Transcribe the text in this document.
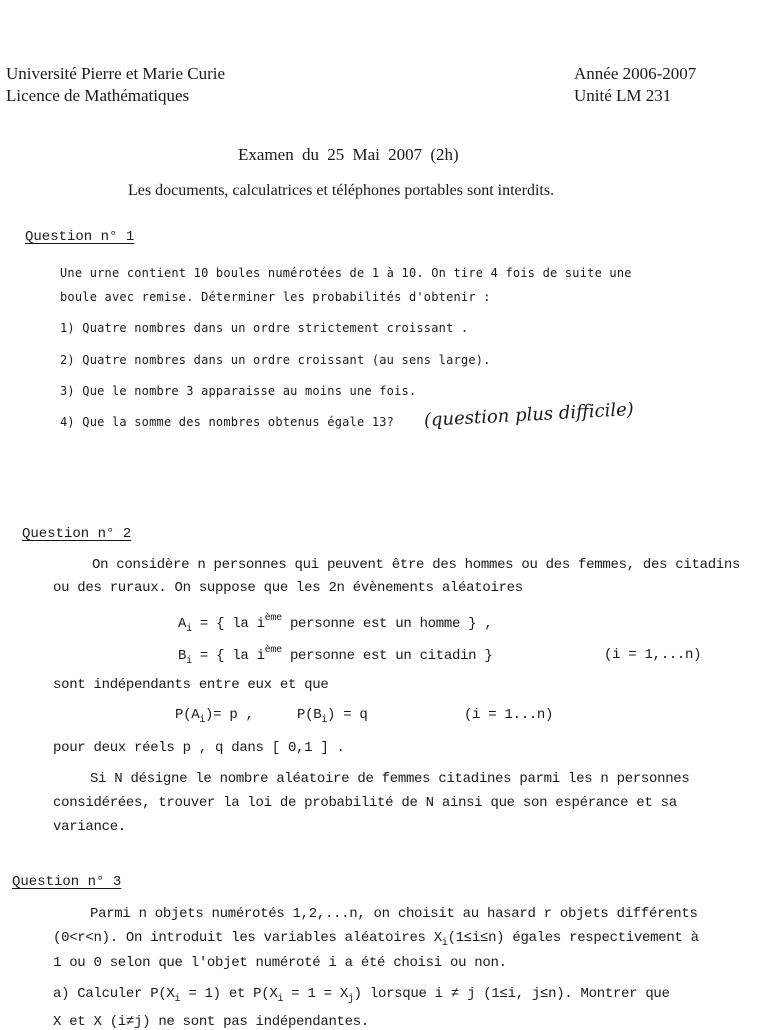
Université Pierre et Marie Curie
Licence de Mathématiques
Année 2006-2007
Unité LM 231
Examen du 25 Mai 2007 (2h)
Les documents, calculatrices et téléphones portables sont interdits.
Question n° 1
Une urne contient 10 boules numérotées de 1 à 10. On tire 4 fois de suite une
boule avec remise. Déterminer les probabilités d'obtenir :
1) Quatre nombres dans un ordre strictement croissant .
2) Quatre nombres dans un ordre croissant (au sens large).
3) Que le nombre 3 apparaisse au moins une fois.
4) Que la somme des nombres obtenus égale 13? (question plus difficile)
Question n° 2
On considère n personnes qui peuvent être des hommes ou des femmes, des citadins
ou des ruraux. On suppose que les 2n évènements aléatoires
$A_i$ = { la $i^{ème}$ personne est un homme } ,
$B_i$ = { la $i^{ème}$ personne est un citadin }	(i = 1,...n)
sont indépendants entre eux et que
$P(A_i)= p$ ,	$P(B_i) = q$	(i = 1...n)
pour deux réels p , q dans [ 0,1 ] .
Si N désigne le nombre aléatoire de femmes citadines parmi les n personnes
considérées, trouver la loi de probabilité de N ainsi que son espérance et sa
variance.
Question n° 3
Parmi n objets numérotés 1,2,...n, on choisit au hasard r objets différents
(0<r<n). On introduit les variables aléatoires $X_i(1\le i\le n)$ égales respectivement à
1 ou 0 selon que l'objet numéroté i a été choisi ou non.
a) Calculer $P(X_i = 1)$ et $P(X_i = 1 = X_j)$ lorsque i ≠ j (1≤i, j≤n). Montrer que
X et X (i≠j) ne sont pas indépendantes.
